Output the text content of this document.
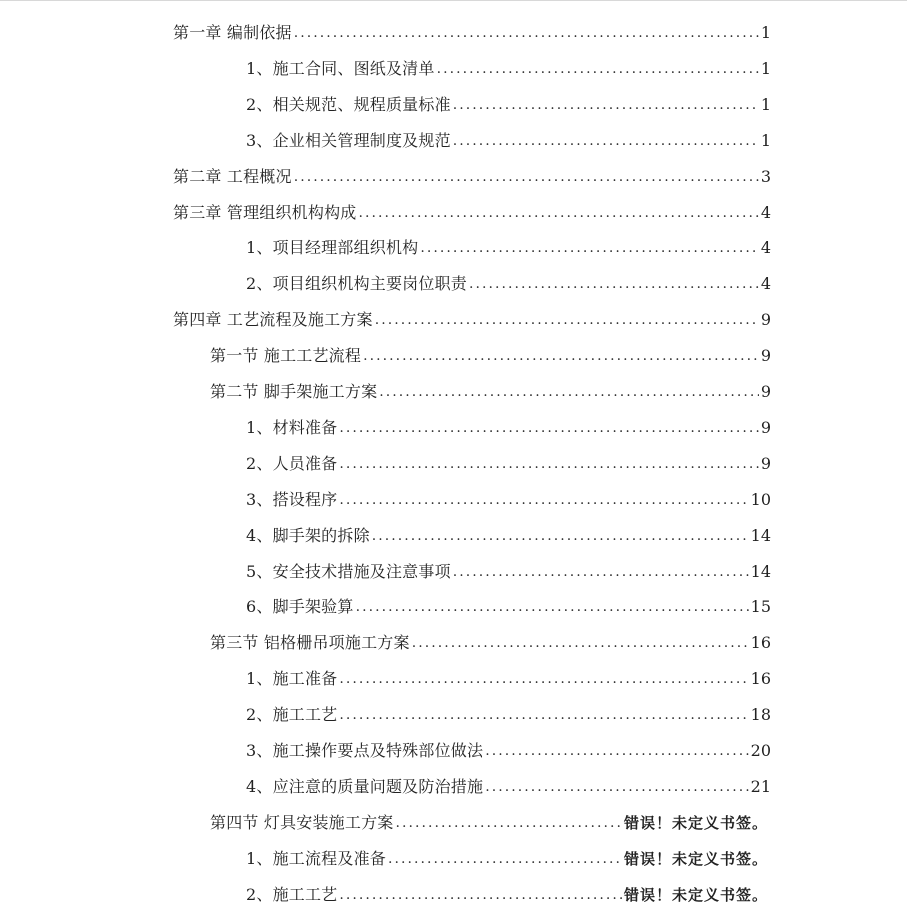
第一章 编制依据 . . .	1
1、施工合同、图纸及清单 . . .	1
2、相关规范、规程质量标准 . . .	1
3、企业相关管理制度及规范 . . .	1
第二章 工程概况 . . .	3
第三章 管理组织机构构成 . . .	4
1、项目经理部组织机构 . . .	4
2、项目组织机构主要岗位职责 . . .	4
第四章 工艺流程及施工方案 . . .	9
第一节 施工工艺流程 . . .	9
第二节 脚手架施工方案 . . .	9
1、材料准备 . . .	9
2、人员准备 . . .	9
3、搭设程序 . . .	10
4、脚手架的拆除 . . .	14
5、安全技术措施及注意事项 . . .	14
6、脚手架验算 . . .	15
第三节 铝格栅吊项施工方案 . . .	16
1、施工准备 . . .	16
2、施工工艺 . . .	18
3、施工操作要点及特殊部位做法 . . .	20
4、应注意的质量问题及防治措施 . . .	21
第四节 灯具安装施工方案 . . .	错误！未定义书签。
1、施工流程及准备 . . .	错误！未定义书签。
2、施工工艺 . . .	错误！未定义书签。
